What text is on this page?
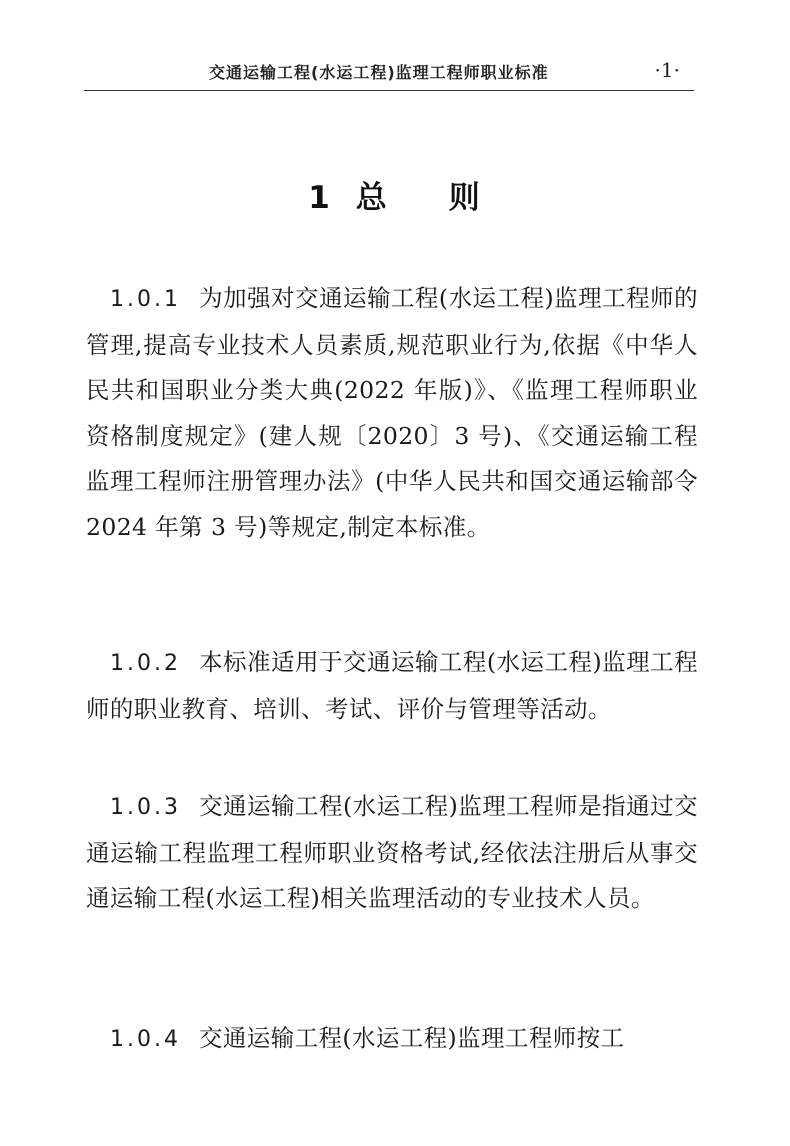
交通运输工程(水运工程)监理工程师职业标准	·1·
1 总 则
1.0.1 为加强对交通运输工程(水运工程)监理工程师的管理,提高专业技术人员素质,规范职业行为,依据《中华人民共和国职业分类大典(2022 年版)》、《监理工程师职业资格制度规定》(建人规〔2020〕3 号)、《交通运输工程监理工程师注册管理办法》(中华人民共和国交通运输部令 2024 年第 3 号)等规定,制定本标准。
1.0.2 本标准适用于交通运输工程(水运工程)监理工程师的职业教育、培训、考试、评价与管理等活动。
1.0.3 交通运输工程(水运工程)监理工程师是指通过交通运输工程监理工程师职业资格考试,经依法注册后从事交通运输工程(水运工程)相关监理活动的专业技术人员。
1.0.4 交通运输工程(水运工程)监理工程师按工
